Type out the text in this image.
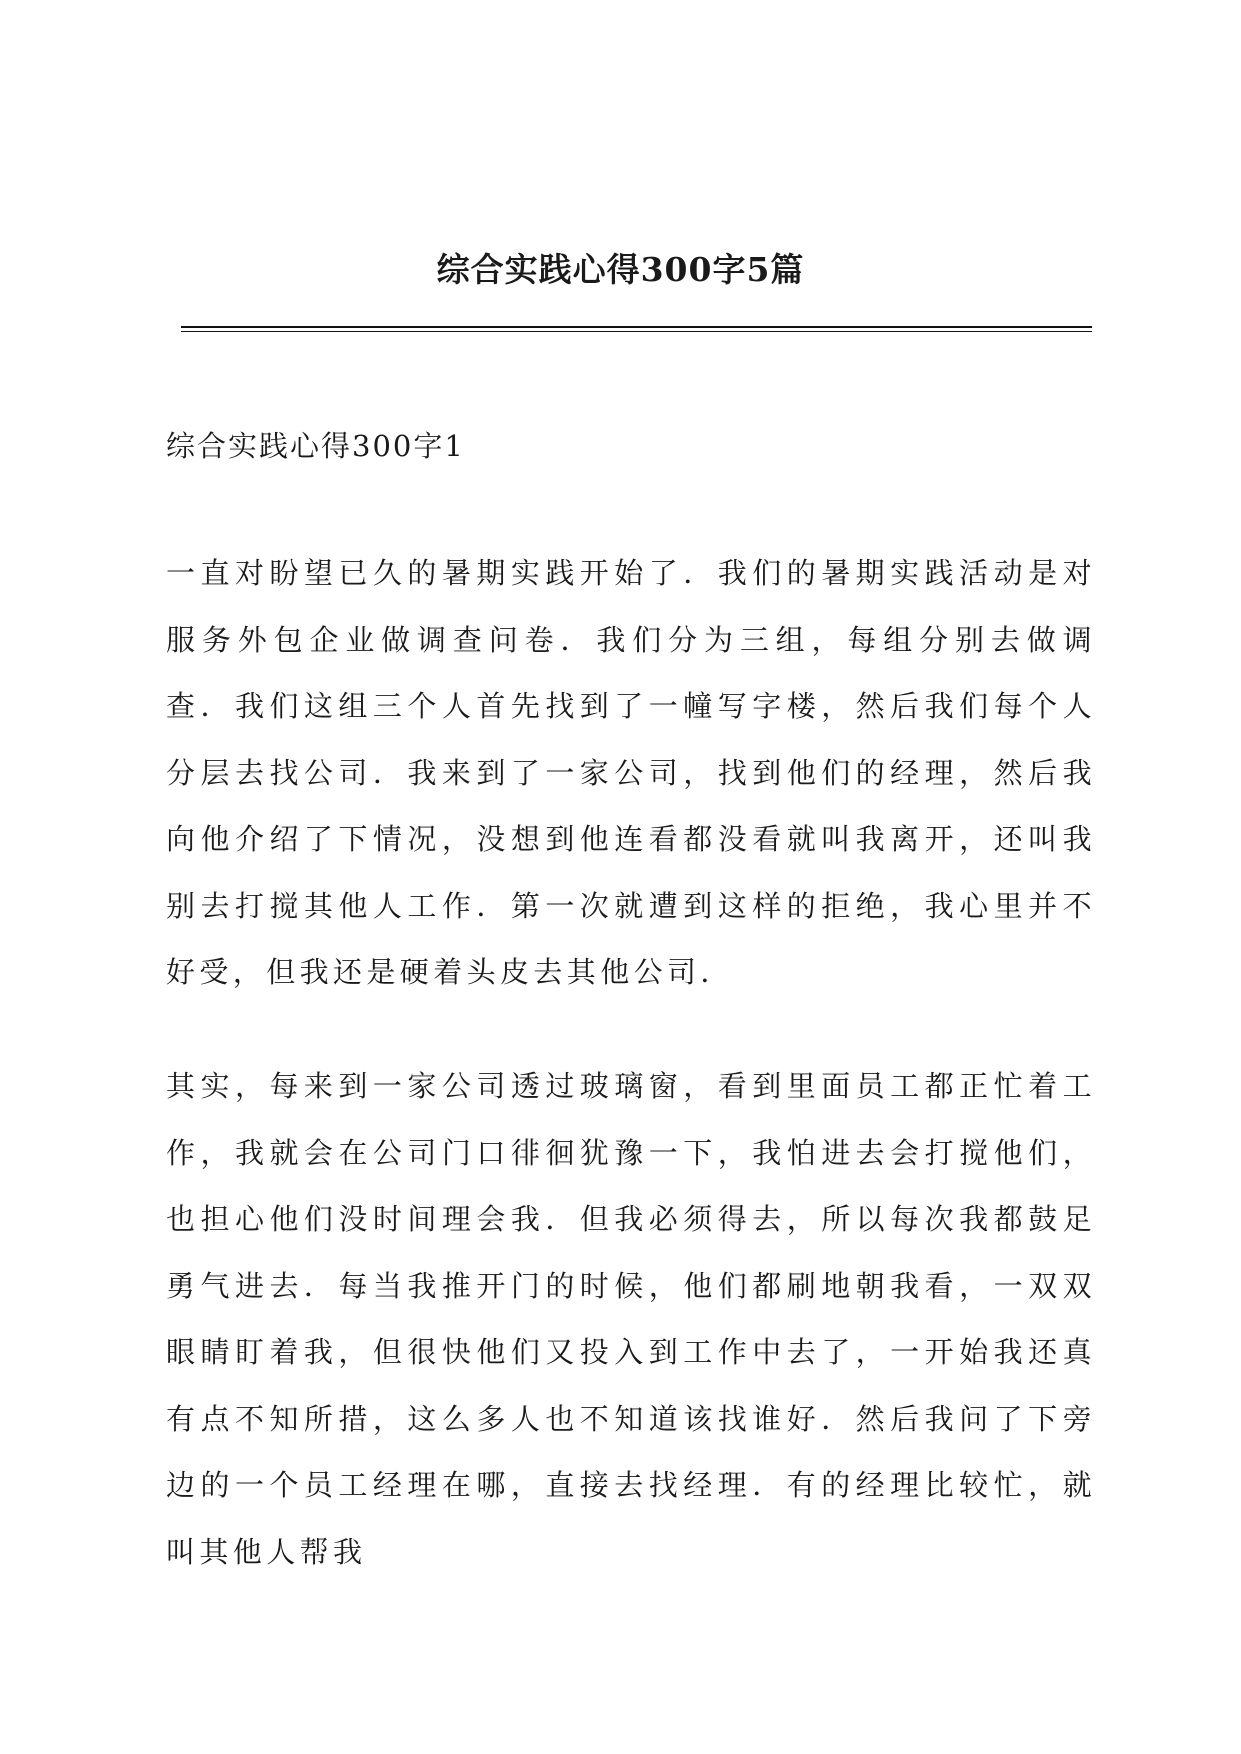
综合实践心得300字5篇
综合实践心得300字1

一直对盼望已久的暑期实践开始了．我们的暑期实践活动是对服务外包企业做调查问卷．我们分为三组，每组分别去做调查．我们这组三个人首先找到了一幢写字楼，然后我们每个人分层去找公司．我来到了一家公司，找到他们的经理，然后我向他介绍了下情况，没想到他连看都没看就叫我离开，还叫我别去打搅其他人工作．第一次就遭到这样的拒绝，我心里并不好受，但我还是硬着头皮去其他公司．

其实，每来到一家公司透过玻璃窗，看到里面员工都正忙着工作，我就会在公司门口徘徊犹豫一下，我怕进去会打搅他们，也担心他们没时间理会我．但我必须得去，所以每次我都鼓足勇气进去．每当我推开门的时候，他们都刷地朝我看，一双双眼睛盯着我，但很快他们又投入到工作中去了，一开始我还真有点不知所措，这么多人也不知道该找谁好．然后我问了下旁边的一个员工经理在哪，直接去找经理．有的经理比较忙，就叫其他人帮我
